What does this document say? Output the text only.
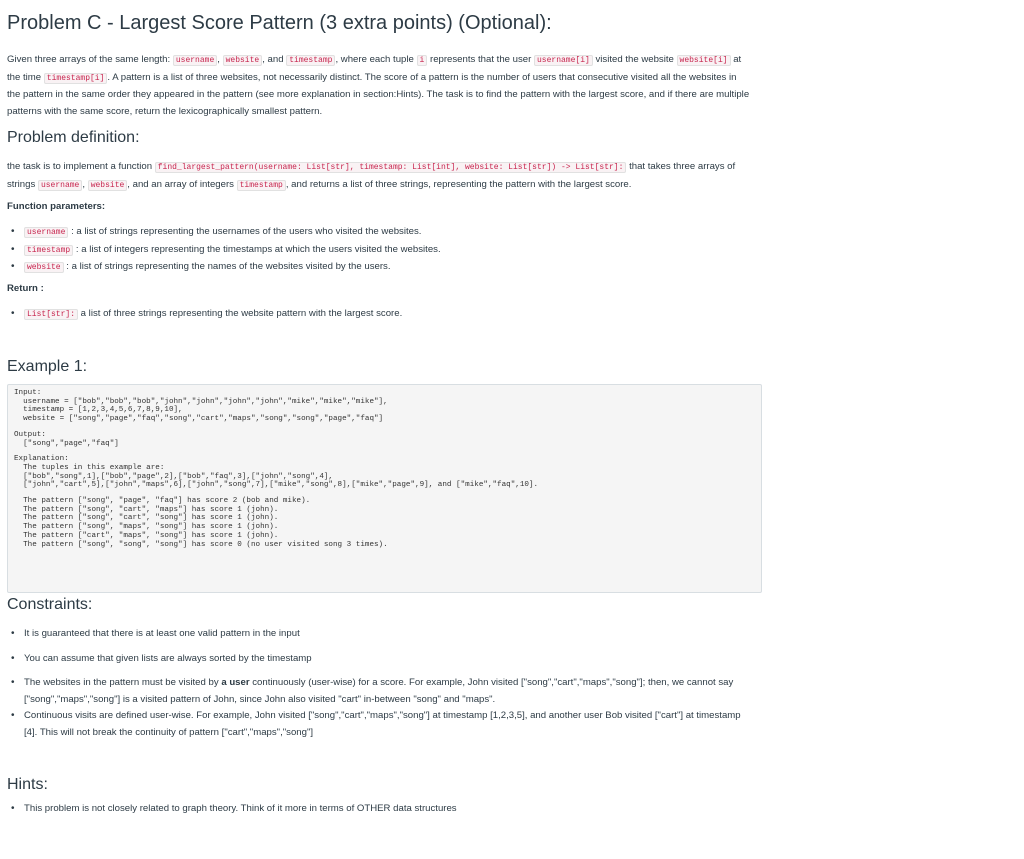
Problem C - Largest Score Pattern (3 extra points) (Optional):

Given three arrays of the same length: username , website , and timestamp , where each tuple i represents that the user username[i] visited the website website[i] at the time timestamp[i] . A pattern is a list of three websites, not necessarily distinct. The score of a pattern is the number of users that consecutive visited all the websites in the pattern in the same order they appeared in the pattern (see more explanation in section:Hints). The task is to find the pattern with the largest score, and if there are multiple patterns with the same score, return the lexicographically smallest pattern.

Problem definition:

the task is to implement a function find_largest_pattern(username: List[str], timestamp: List[int], website: List[str]) -> List[str]: that takes three arrays of strings username , website , and an array of integers timestamp , and returns a list of three strings, representing the pattern with the largest score.

Function parameters:

• username : a list of strings representing the usernames of the users who visited the websites.
• timestamp : a list of integers representing the timestamps at which the users visited the websites.
• website : a list of strings representing the names of the websites visited by the users.

Return :

• List[str]: a list of three strings representing the website pattern with the largest score.
Example 1:
Input:
username = ["bob","bob","bob","john","john","john","john","mike","mike","mike"],
timestamp = [1,2,3,4,5,6,7,8,9,10],
website = ["song","page","faq","song","cart","maps","song","song","page","faq"]
Output:
["song","page","faq"]
Explanation:
The tuples in this example are:
["bob","song",1],["bob","page",2],["bob","faq",3],["john","song",4],
["john","cart",5],["john","maps",6],["john","song",7],["mike","song",8],["mike","page",9], and ["mike","faq",10].
The pattern ["song", "page", "faq"] has score 2 (bob and mike).
The pattern ["song", "cart", "maps"] has score 1 (john).
The pattern ["song", "cart", "song"] has score 1 (john).
The pattern ["song", "maps", "song"] has score 1 (john).
The pattern ["cart", "maps", "song"] has score 1 (john).
The pattern ["song", "song", "song"] has score 0 (no user visited song 3 times).
Constraints:
• It is guaranteed that there is at least one valid pattern in the input
• You can assume that given lists are always sorted by the timestamp
• The websites in the pattern must be visited by a user continuously (user-wise) for a score. For example, John visited ["song","cart","maps","song"]; then, we cannot say ["song","maps","song"] is a visited pattern of John, since John also visited "cart" in-between "song" and "maps".
• Continuous visits are defined user-wise. For example, John visited ["song","cart","maps","song"] at timestamp [1,2,3,5], and another user Bob visited ["cart"] at timestamp [4]. This will not break the continuity of pattern ["cart","maps","song"]
Hints:
• This problem is not closely related to graph theory. Think of it more in terms of OTHER data structures
